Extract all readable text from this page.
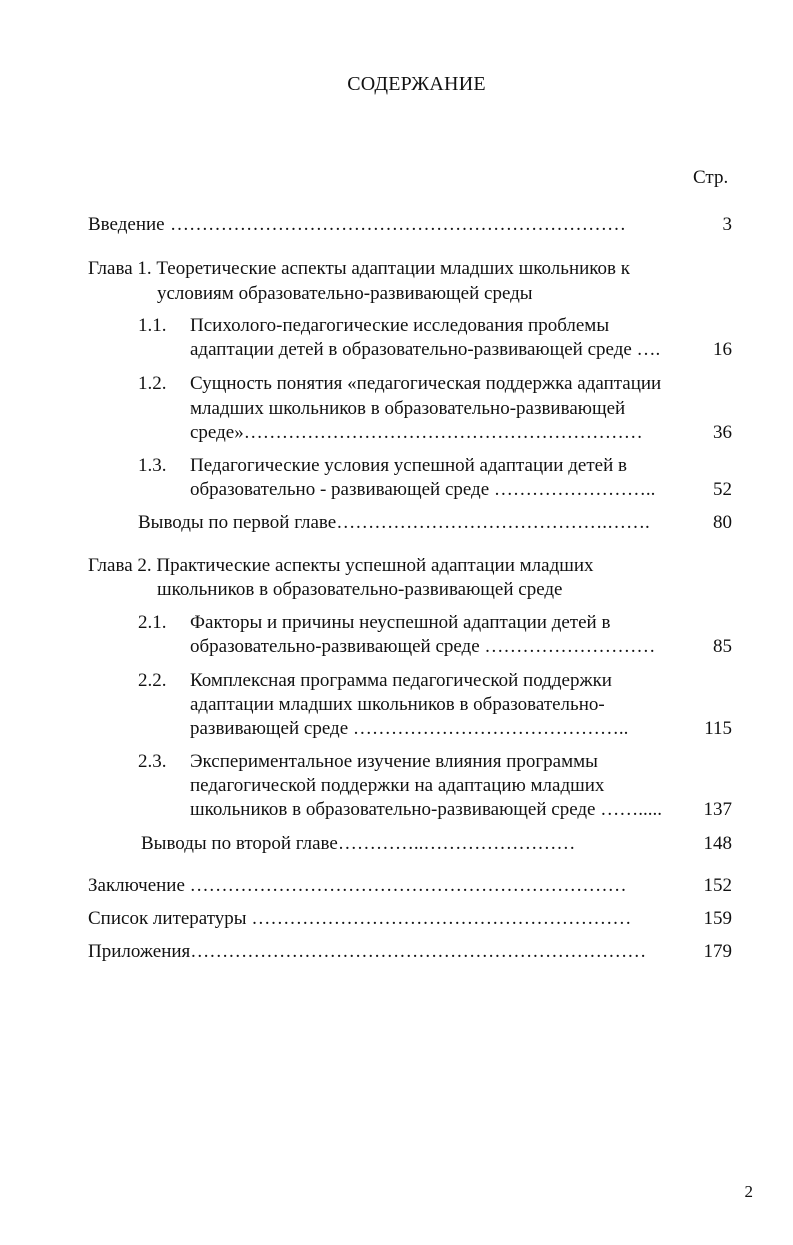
СОДЕРЖАНИЕ
Стр.
Введение ………………………………………………………………	3
Глава 1. Теоретические аспекты адаптации младших школьников к
условиям образовательно-развивающей среды
1.1. Психолого-педагогические исследования проблемы
адаптации детей в образовательно-развивающей среде ….	16
1.2. Сущность понятия «педагогическая поддержка адаптации
младших школьников в образовательно-развивающей
среде»………………………………………………………	36
1.3. Педагогические условия успешной адаптации детей в
образовательно - развивающей среде ……………………..	52
Выводы по первой главе…………………………………….…….	80
Глава 2. Практические аспекты успешной адаптации младших
школьников в образовательно-развивающей среде
2.1. Факторы и причины неуспешной адаптации детей в
образовательно-развивающей среде ………………………	85
2.2. Комплексная программа педагогической поддержки
адаптации младших школьников в образовательно-
развивающей среде ……………………………………..	115
2.3. Экспериментальное изучение влияния программы
педагогической поддержки на адаптацию младших
школьников в образовательно-развивающей среде ……..... 137
Выводы по второй главе…………..……………………	148
Заключение ……………………………………………………………	152
Список литературы ……………………………………………………	159
Приложения………………………………………………………………	179
2
